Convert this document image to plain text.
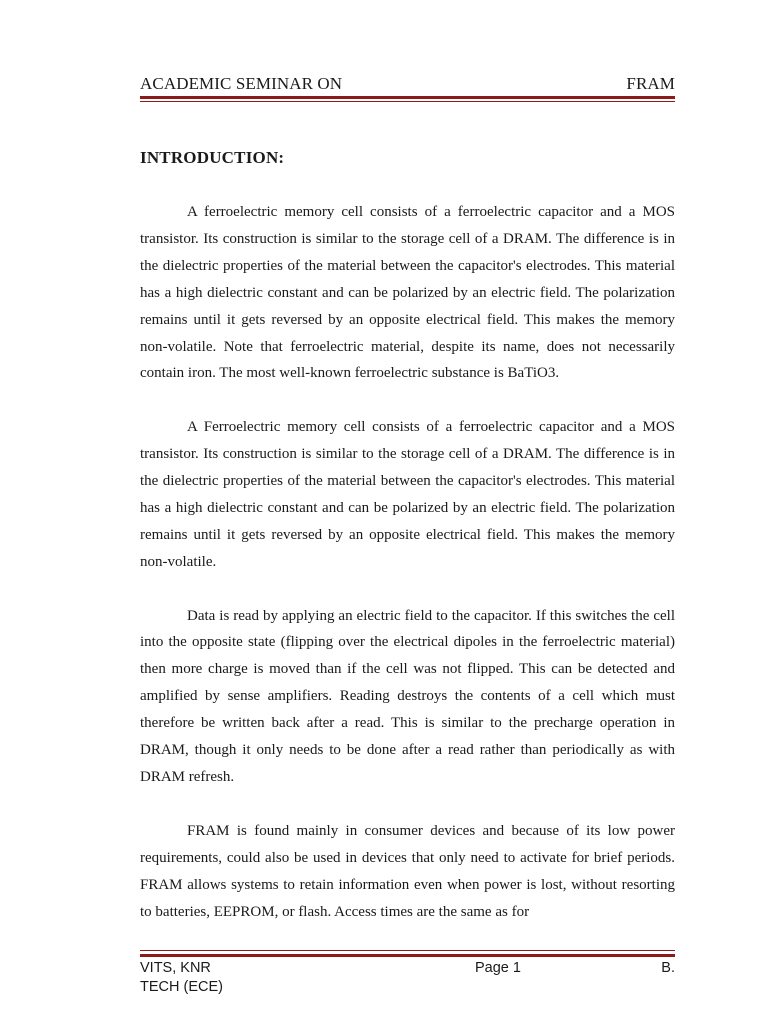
ACADEMIC SEMINAR ON	FRAM
INTRODUCTION:

A ferroelectric memory cell consists of a ferroelectric capacitor and a MOS transistor. Its construction is similar to the storage cell of a DRAM. The difference is in the dielectric properties of the material between the capacitor's electrodes. This material has a high dielectric constant and can be polarized by an electric field. The polarization remains until it gets reversed by an opposite electrical field. This makes the memory non-volatile. Note that ferroelectric material, despite its name, does not necessarily contain iron. The most well-known ferroelectric substance is BaTiO3.

A Ferroelectric memory cell consists of a ferroelectric capacitor and a MOS transistor. Its construction is similar to the storage cell of a DRAM. The difference is in the dielectric properties of the material between the capacitor's electrodes. This material has a high dielectric constant and can be polarized by an electric field. The polarization remains until it gets reversed by an opposite electrical field. This makes the memory non-volatile.

Data is read by applying an electric field to the capacitor. If this switches the cell into the opposite state (flipping over the electrical dipoles in the ferroelectric material) then more charge is moved than if the cell was not flipped. This can be detected and amplified by sense amplifiers. Reading destroys the contents of a cell which must therefore be written back after a read. This is similar to the precharge operation in DRAM, though it only needs to be done after a read rather than periodically as with DRAM refresh.

FRAM is found mainly in consumer devices and because of its low power requirements, could also be used in devices that only need to activate for brief periods. FRAM allows systems to retain information even when power is lost, without resorting to batteries, EEPROM, or flash. Access times are the same as for

VITS, KNR	Page 1	B.
TECH (ECE)
